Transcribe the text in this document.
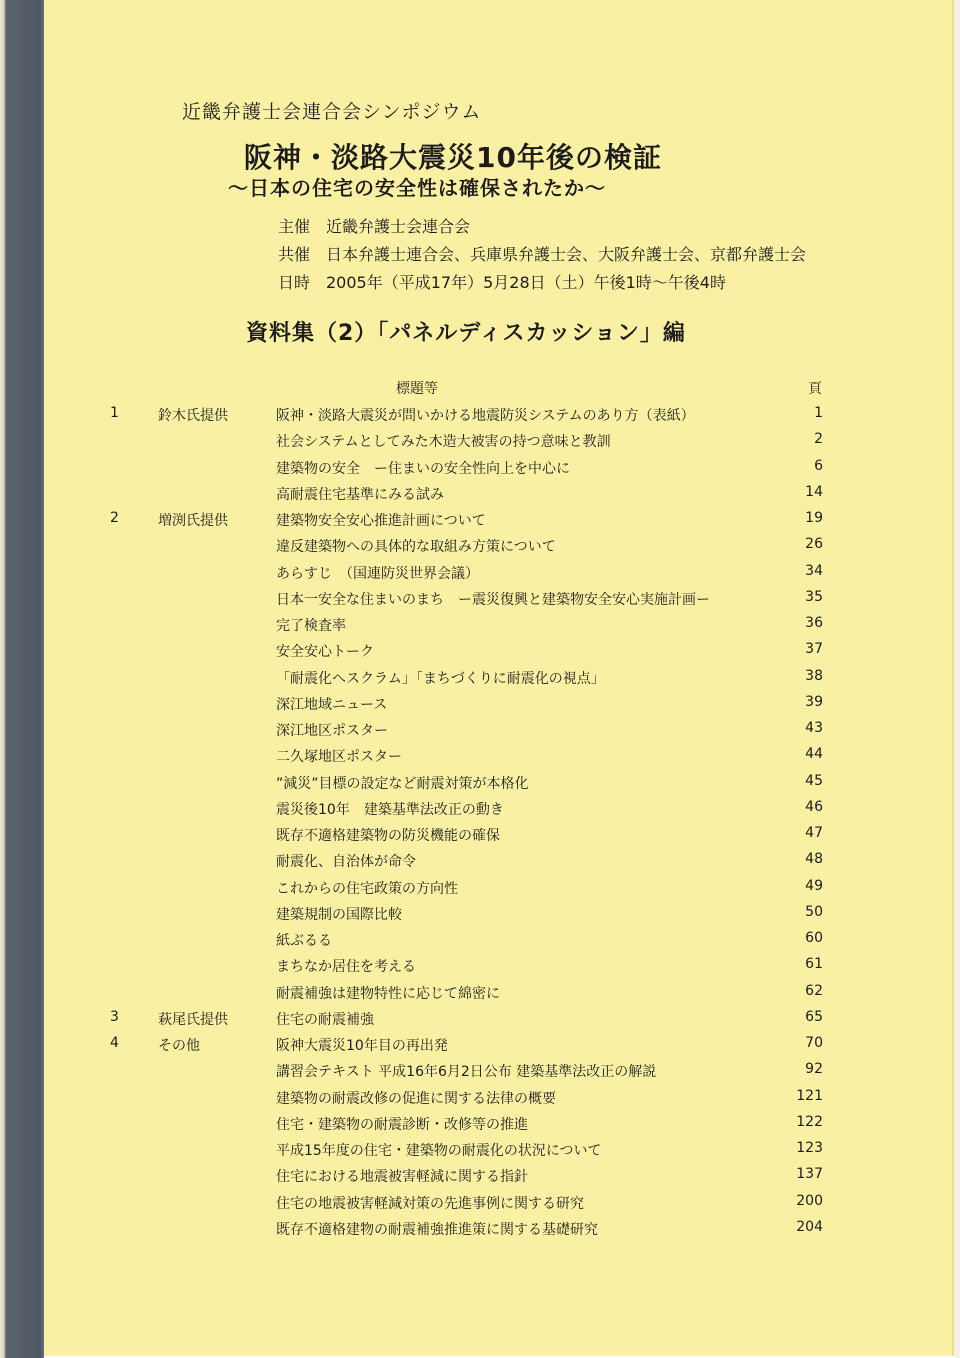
近畿弁護士会連合会シンポジウム
阪神・淡路大震災10年後の検証
～日本の住宅の安全性は確保されたか～
主催 近畿弁護士会連合会
共催 日本弁護士連合会、兵庫県弁護士会、大阪弁護士会、京都弁護士会
日時 2005年（平成17年）5月28日（土）午後1時～午後4時
資料集（2）「パネルディスカッション」編
標題等	頁
1	鈴木氏提供	阪神・淡路大震災が問いかける地震防災システムのあり方（表紙）	1
社会システムとしてみた木造大被害の持つ意味と教訓	2
建築物の安全　ー住まいの安全性向上を中心に	6
高耐震住宅基準にみる試み	14
2	増渕氏提供	建築物安全安心推進計画について	19
違反建築物への具体的な取組み方策について	26
あらすじ　（国連防災世界会議）	34
日本一安全な住まいのまち　ー震災復興と建築物安全安心実施計画ー	35
完了検査率	36
安全安心トーク	37
「耐震化へスクラム」「まちづくりに耐震化の視点」	38
深江地域ニュース	39
深江地区ポスター	43
二久塚地区ポスター	44
”減災”目標の設定など耐震対策が本格化	45
震災後10年　建築基準法改正の動き	46
既存不適格建築物の防災機能の確保	47
耐震化、自治体が命令	48
これからの住宅政策の方向性	49
建築規制の国際比較	50
紙ぶるる	60
まちなか居住を考える	61
耐震補強は建物特性に応じて綿密に	62
3	萩尾氏提供	住宅の耐震補強	65
4	その他	阪神大震災10年目の再出発	70
講習会テキスト 平成16年6月2日公布 建築基準法改正の解説	92
建築物の耐震改修の促進に関する法律の概要	121
住宅・建築物の耐震診断・改修等の推進	122
平成15年度の住宅・建築物の耐震化の状況について	123
住宅における地震被害軽減に関する指針	137
住宅の地震被害軽減対策の先進事例に関する研究	200
既存不適格建物の耐震補強推進策に関する基礎研究	204
